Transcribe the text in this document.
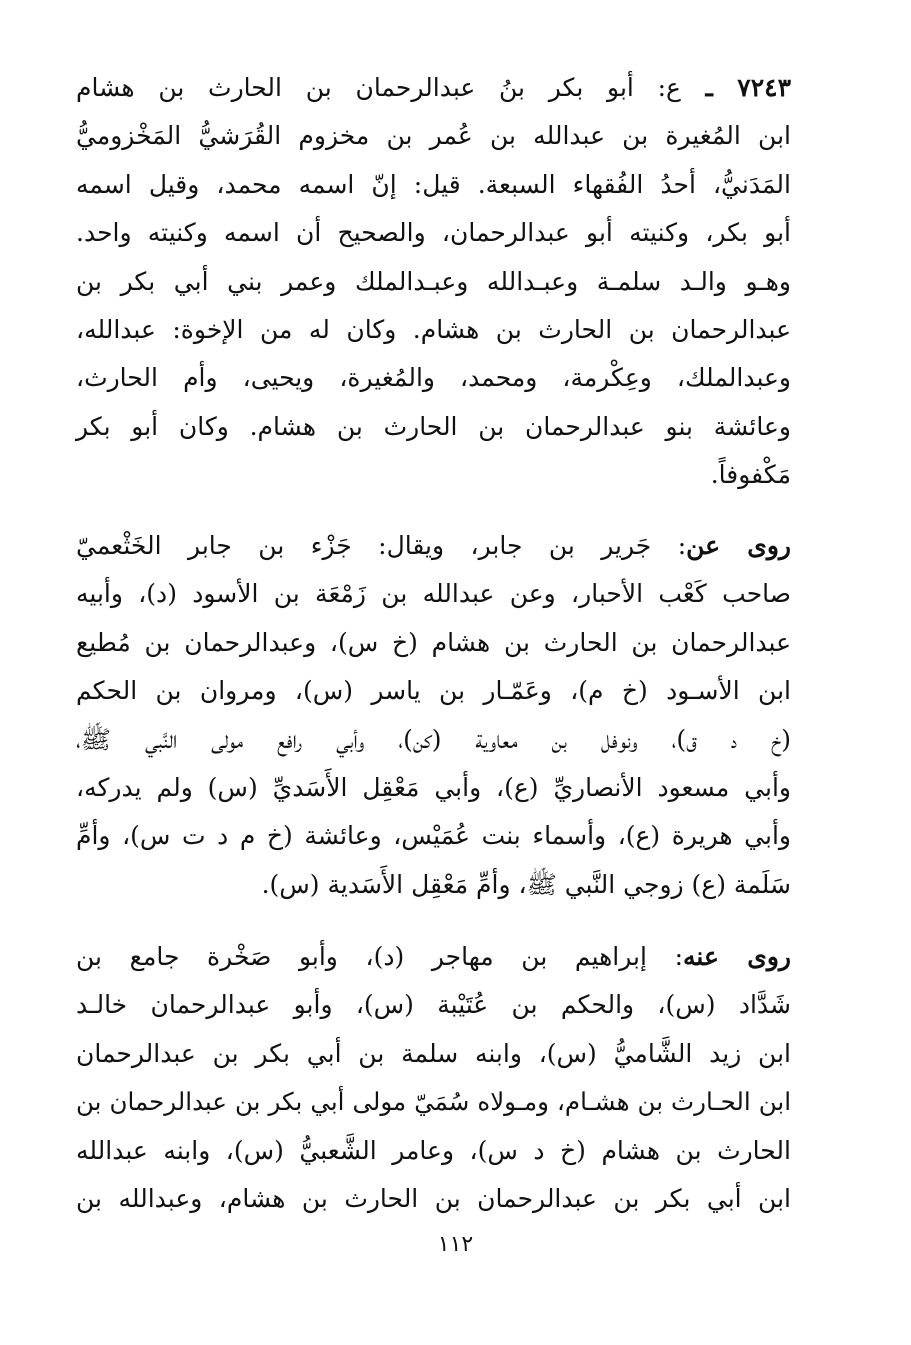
٧٢٤٣ ـ ع: أبو بكر بنُ عبدالرحمان بن الحارث بن هشام
ابن المُغيرة بن عبدالله بن عُمر بن مخزوم القُرَشيُّ المَخْزوميُّ
المَدَنيُّ، أحدُ الفُقهاء السبعة. قيل: إنّ اسمه محمد، وقيل اسمه
أبو بكر، وكنيته أبو عبدالرحمان، والصحيح أن اسمه وكنيته واحد.
وهـو والـد سلمـة وعبـدالله وعبـدالملك وعمر بني أبي بكر بن
عبدالرحمان بن الحارث بن هشام. وكان له من الإخوة: عبدالله،
وعبدالملك، وعِكْرمة، ومحمد، والمُغيرة، ويحيى، وأم الحارث،
وعائشة بنو عبدالرحمان بن الحارث بن هشام. وكان أبو بكر
مَكْفوفاً.
روى عن: جَرير بن جابر، ويقال: جَزْء بن جابر الخَثْعميّ
صاحب كَعْب الأحبار، وعن عبدالله بن زَمْعَة بن الأسود (د)، وأبيه
عبدالرحمان بن الحارث بن هشام (خ س)، وعبدالرحمان بن مُطيع
ابن الأسـود (خ م)، وعَمّـار بن ياسر (س)، ومروان بن الحكم
(خ د ق)، ونوفل بن معاوية (كن)، وأبي رافع مولى النَّبي ﷺ،
وأبي مسعود الأنصاريِّ (ع)، وأبي مَعْقِل الأَسَديِّ (س) ولم يدركه،
وأبي هريرة (ع)، وأسماء بنت عُمَيْس، وعائشة (خ م د ت س)، وأمِّ
سَلَمة (ع) زوجي النَّبي ﷺ، وأمِّ مَعْقِل الأَسَدية (س).
روى عنه: إبراهيم بن مهاجر (د)، وأبو صَخْرة جامع بن
شَدَّاد (س)، والحكم بن عُتَيْبة (س)، وأبو عبدالرحمان خالـد
ابن زيد الشَّاميُّ (س)، وابنه سلمة بن أبي بكر بن عبدالرحمان
ابن الحـارث بن هشـام، ومـولاه سُمَيّ مولى أبي بكر بن عبدالرحمان بن
الحارث بن هشام (خ د س)، وعامر الشَّعبيُّ (س)، وابنه عبدالله
ابن أبي بكر بن عبدالرحمان بن الحارث بن هشام، وعبدالله بن
١١٢
